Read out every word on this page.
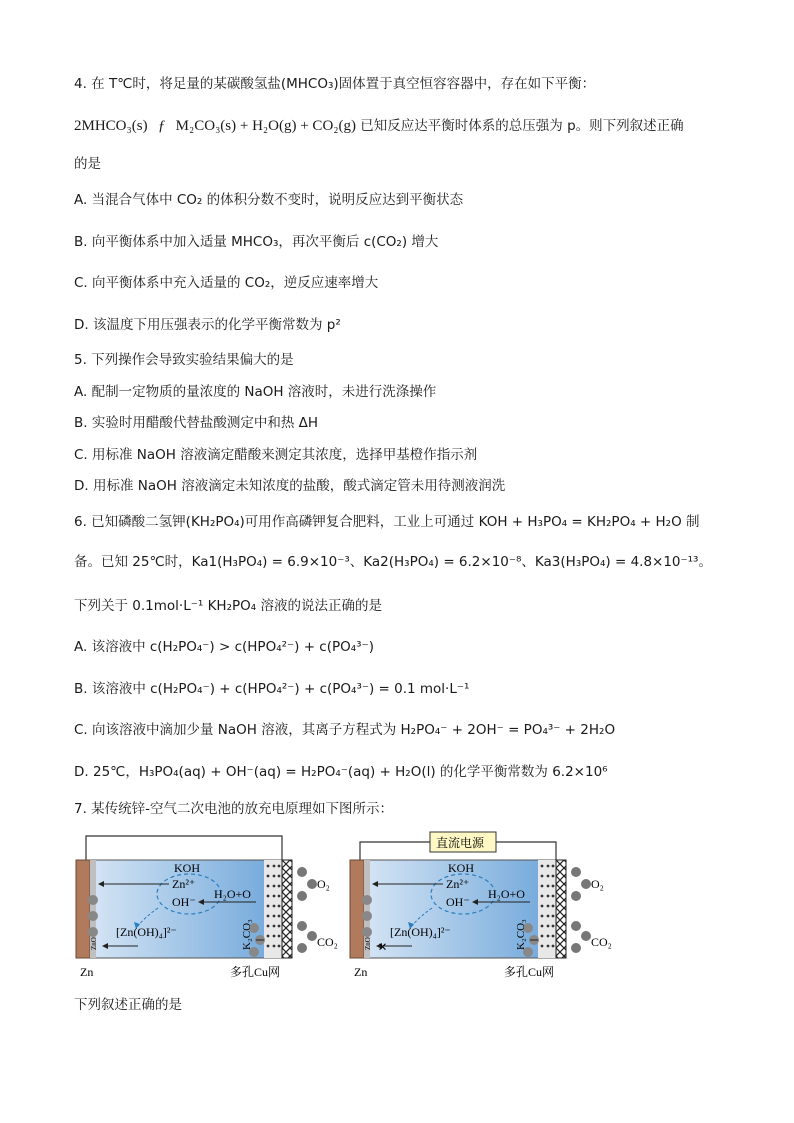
4. 在 T℃时，将足量的某碳酸氢盐(MHCO₃)固体置于真空恒容容器中，存在如下平衡：
2MHCO₃(s) ƒ M₂CO₃(s) + H₂O(g) + CO₂(g) 已知反应达平衡时体系的总压强为 p。则下列叙述正确
的是
A. 当混合气体中 CO₂ 的体积分数不变时，说明反应达到平衡状态
B. 向平衡体系中加入适量 MHCO₃，再次平衡后 c(CO₂) 增大
C. 向平衡体系中充入适量的 CO₂，逆反应速率增大
D. 该温度下用压强表示的化学平衡常数为 p²
5. 下列操作会导致实验结果偏大的是
A. 配制一定物质的量浓度的 NaOH 溶液时，未进行洗涤操作
B. 实验时用醋酸代替盐酸测定中和热 ΔH
C. 用标准 NaOH 溶液滴定醋酸来测定其浓度，选择甲基橙作指示剂
D. 用标准 NaOH 溶液滴定未知浓度的盐酸，酸式滴定管未用待测液润洗
6. 已知磷酸二氢钾(KH₂PO₄)可用作高磷钾复合肥料，工业上可通过 KOH + H₃PO₄ = KH₂PO₄ + H₂O 制
备。已知 25℃时，Ka1(H₃PO₄) = 6.9×10⁻³、Ka2(H₃PO₄) = 6.2×10⁻⁸、Ka3(H₃PO₄) = 4.8×10⁻¹³。
下列关于 0.1mol·L⁻¹ KH₂PO₄ 溶液的说法正确的是
A. 该溶液中 c(H₂PO₄⁻) > c(HPO₄²⁻) + c(PO₄³⁻)
B. 该溶液中 c(H₂PO₄⁻) + c(HPO₄²⁻) + c(PO₄³⁻) = 0.1 mol·L⁻¹
C. 向该溶液中滴加少量 NaOH 溶液，其离子方程式为 H₂PO₄⁻ + 2OH⁻ = PO₄³⁻ + 2H₂O
D. 25℃，H₃PO₄(aq) + OH⁻(aq) = H₂PO₄⁻(aq) + H₂O(l) 的化学平衡常数为 6.2×10⁶
7. 某传统锌-空气二次电池的放充电原理如下图所示：
O₂
CO₂
KOH
Zn²⁺
OH⁻
H₂O+O
[Zn(OH)₄]²⁻	K₂CO₃
ZnO
Zn	多孔Cu网
直流电源
O₂
CO₂
KOH
Zn²⁺
OH⁻
H₂O+O
[Zn(OH)₄]²⁻
×	K₂CO₃
ZnO
Zn	多孔Cu网
下列叙述正确的是
